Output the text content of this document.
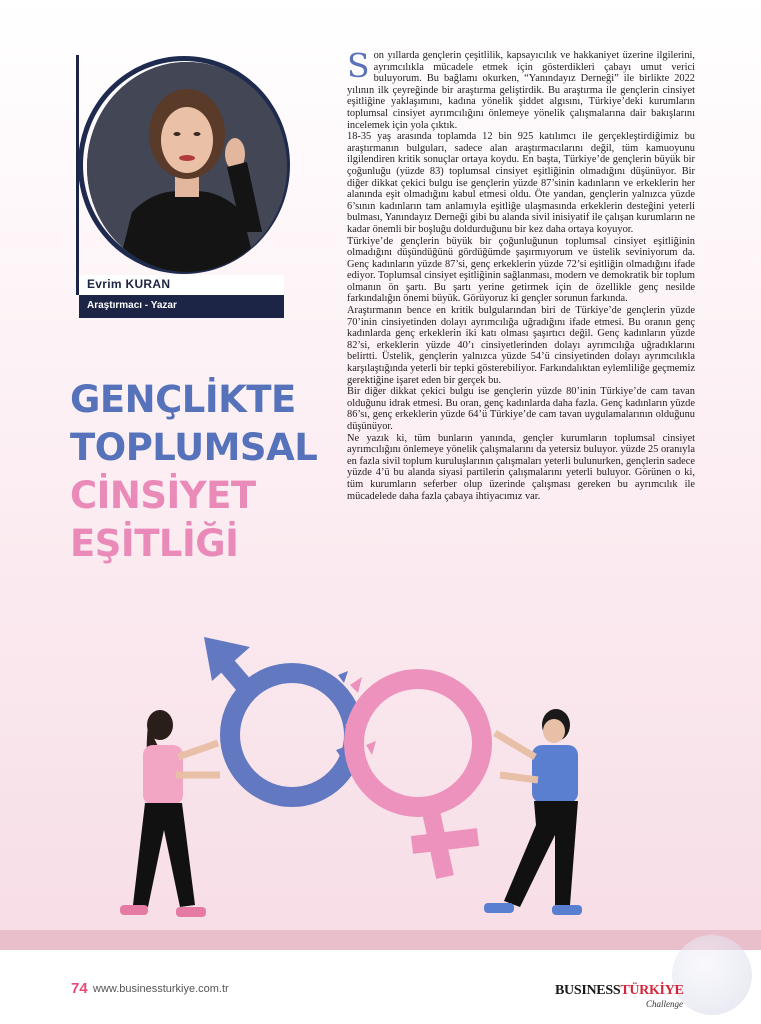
Evrim KURAN
Araştırmacı - Yazar
GENÇLİKTE
TOPLUMSAL
CİNSİYET
EŞİTLİĞİ

Son yıllarda gençlerin çeşitlilik, kapsayıcılık ve hakkaniyet üzerine ilgilerini, ayrımcılıkla mücadele etmek için gösterdikleri çabayı umut verici buluyorum. Bu bağlamı okurken, “Yanındayız Derneği” ile birlikte 2022 yılının ilk çeyreğinde bir araştırma geliştirdik. Bu araştırma ile gençlerin cinsiyet eşitliğine yaklaşımını, kadına yönelik şiddet algısını, Türkiye’deki kurumların toplumsal cinsiyet ayrımcılığını önlemeye yönelik çalışmalarına dair bakışlarını incelemek için yola çıktık.

18-35 yaş arasında toplamda 12 bin 925 katılımcı ile gerçekleştirdiğimiz bu araştırmanın bulguları, sadece alan araştırmacılarını değil, tüm kamuoyunu ilgilendiren kritik sonuçlar ortaya koydu. En başta, Türkiye’de gençlerin büyük bir çoğunluğu (yüzde 83) toplumsal cinsiyet eşitliğinin olmadığını düşünüyor. Bir diğer dikkat çekici bulgu ise gençlerin yüzde 87’sinin kadınların ve erkeklerin her alanında eşit olmadığını kabul etmesi oldu. Öte yandan, gençlerin yalnızca yüzde 6’sının kadınların tam anlamıyla eşitliğe ulaşmasında erkeklerin desteğini yeterli bulması, Yanındayız Derneği gibi bu alanda sivil inisiyatif ile çalışan kurumların ne kadar önemli bir boşluğu doldurduğunu bir kez daha ortaya koyuyor.

Türkiye’de gençlerin büyük bir çoğunluğunun toplumsal cinsiyet eşitliğinin olmadığını düşündüğünü gördüğümde şaşırmıyorum ve üstelik seviniyorum da. Genç kadınların yüzde 87’si, genç erkeklerin yüzde 72’si eşitliğin olmadığını ifade ediyor. Toplumsal cinsiyet eşitliğinin sağlanması, modern ve demokratik bir toplum olmanın ön şartı. Bu şartı yerine getirmek için de özellikle genç nesilde farkındalığın önemi büyük. Görüyoruz ki gençler sorunun farkında.

Araştırmanın bence en kritik bulgularından biri de Türkiye’de gençlerin yüzde 70’inin cinsiyetinden dolayı ayrımcılığa uğradığını ifade etmesi. Bu oranın genç kadınlarda genç erkeklerin iki katı olması şaşırtıcı değil. Genç kadınların yüzde 82’si, erkeklerin yüzde 40’ı cinsiyetlerinden dolayı ayrımcılığa uğradıklarını belirtti. Üstelik, gençlerin yalnızca yüzde 54’ü cinsiyetinden dolayı ayrımcılıkla karşılaştığında yeterli bir tepki gösterebiliyor. Farkındalıktan eylemliliğe geçmemiz gerektiğine işaret eden bir gerçek bu.

Bir diğer dikkat çekici bulgu ise gençlerin yüzde 80’inin Türkiye’de cam tavan olduğunu idrak etmesi. Bu oran, genç kadınlarda daha fazla. Genç kadınların yüzde 86’sı, genç erkeklerin yüzde 64’ü Türkiye’de cam tavan uygulamalarının olduğunu düşünüyor.

Ne yazık ki, tüm bunların yanında, gençler kurumların toplumsal cinsiyet ayrımcılığını önlemeye yönelik çalışmalarını da yetersiz buluyor. yüzde 25 oranıyla en fazla sivil toplum kuruluşlarının çalışmaları yeterli bulunurken, gençlerin sadece yüzde 4’ü bu alanda siyasi partilerin çalışmalarını yeterli buluyor. Görünen o ki, tüm kurumların seferber olup üzerinde çalışması gereken bu ayrımcılık ile mücadelede daha fazla çabaya ihtiyacımız var.

74 www.businessturkiye.com.tr	BUSINESSTÜRKİYE
Challenge
